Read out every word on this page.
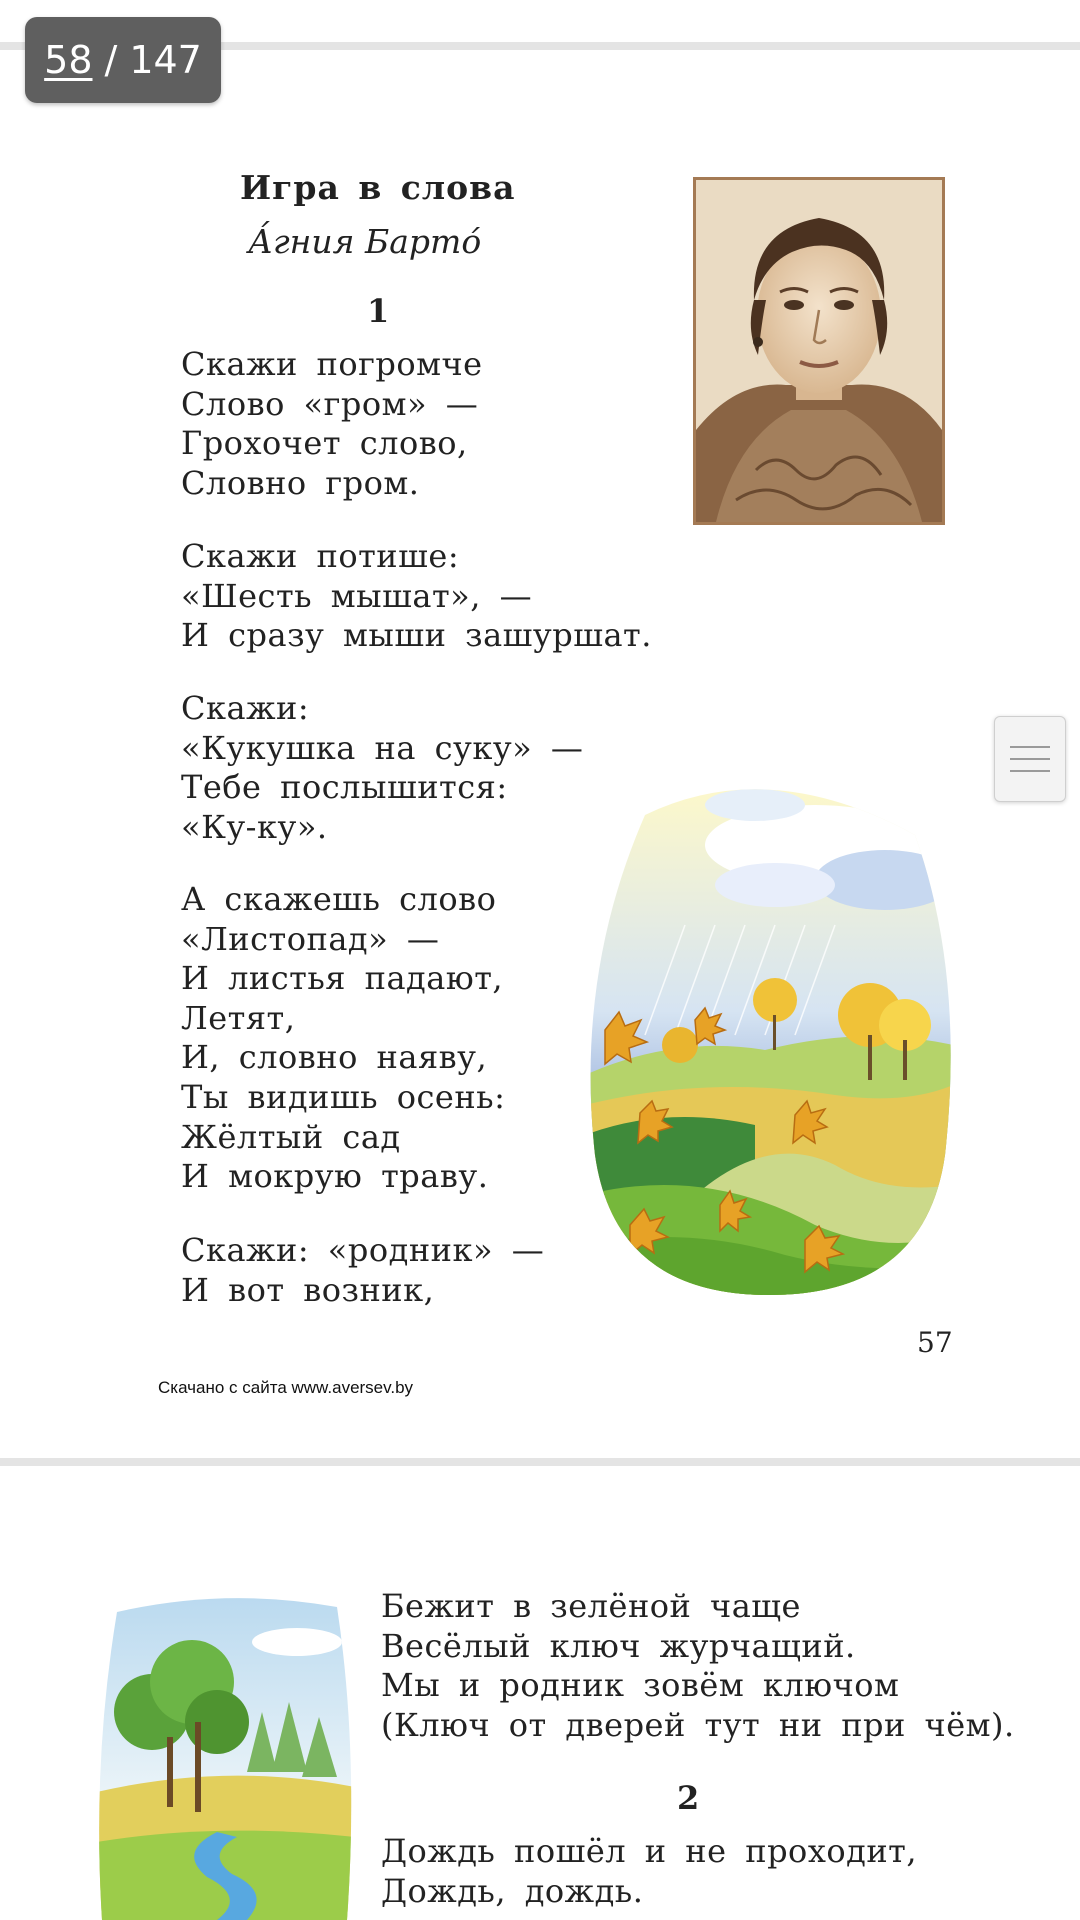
58 / 147
Игра в слова
А́гния Барто́
1
Скажи погромче
Слово «гром» —
Грохочет слово,
Словно гром.
Скажи потише:
«Шесть мышат», —
И сразу мыши зашуршат.
Скажи:
«Кукушка на суку» —
Тебе послышится:
«Ку-ку».
А скажешь слово
«Листопад» —
И листья падают,
Летят,
И, словно наяву,
Ты видишь осень:
Жёлтый сад
И мокрую траву.
Скажи: «родник» —
И вот возник,
57
Скачано с сайта www.aversev.by
Бежит в зелёной чаще
Весёлый ключ журчащий.
Мы и родник зовём ключом
(Ключ от дверей тут ни при чём).
2
Дождь пошёл и не проходит,
Дождь, дождь.
